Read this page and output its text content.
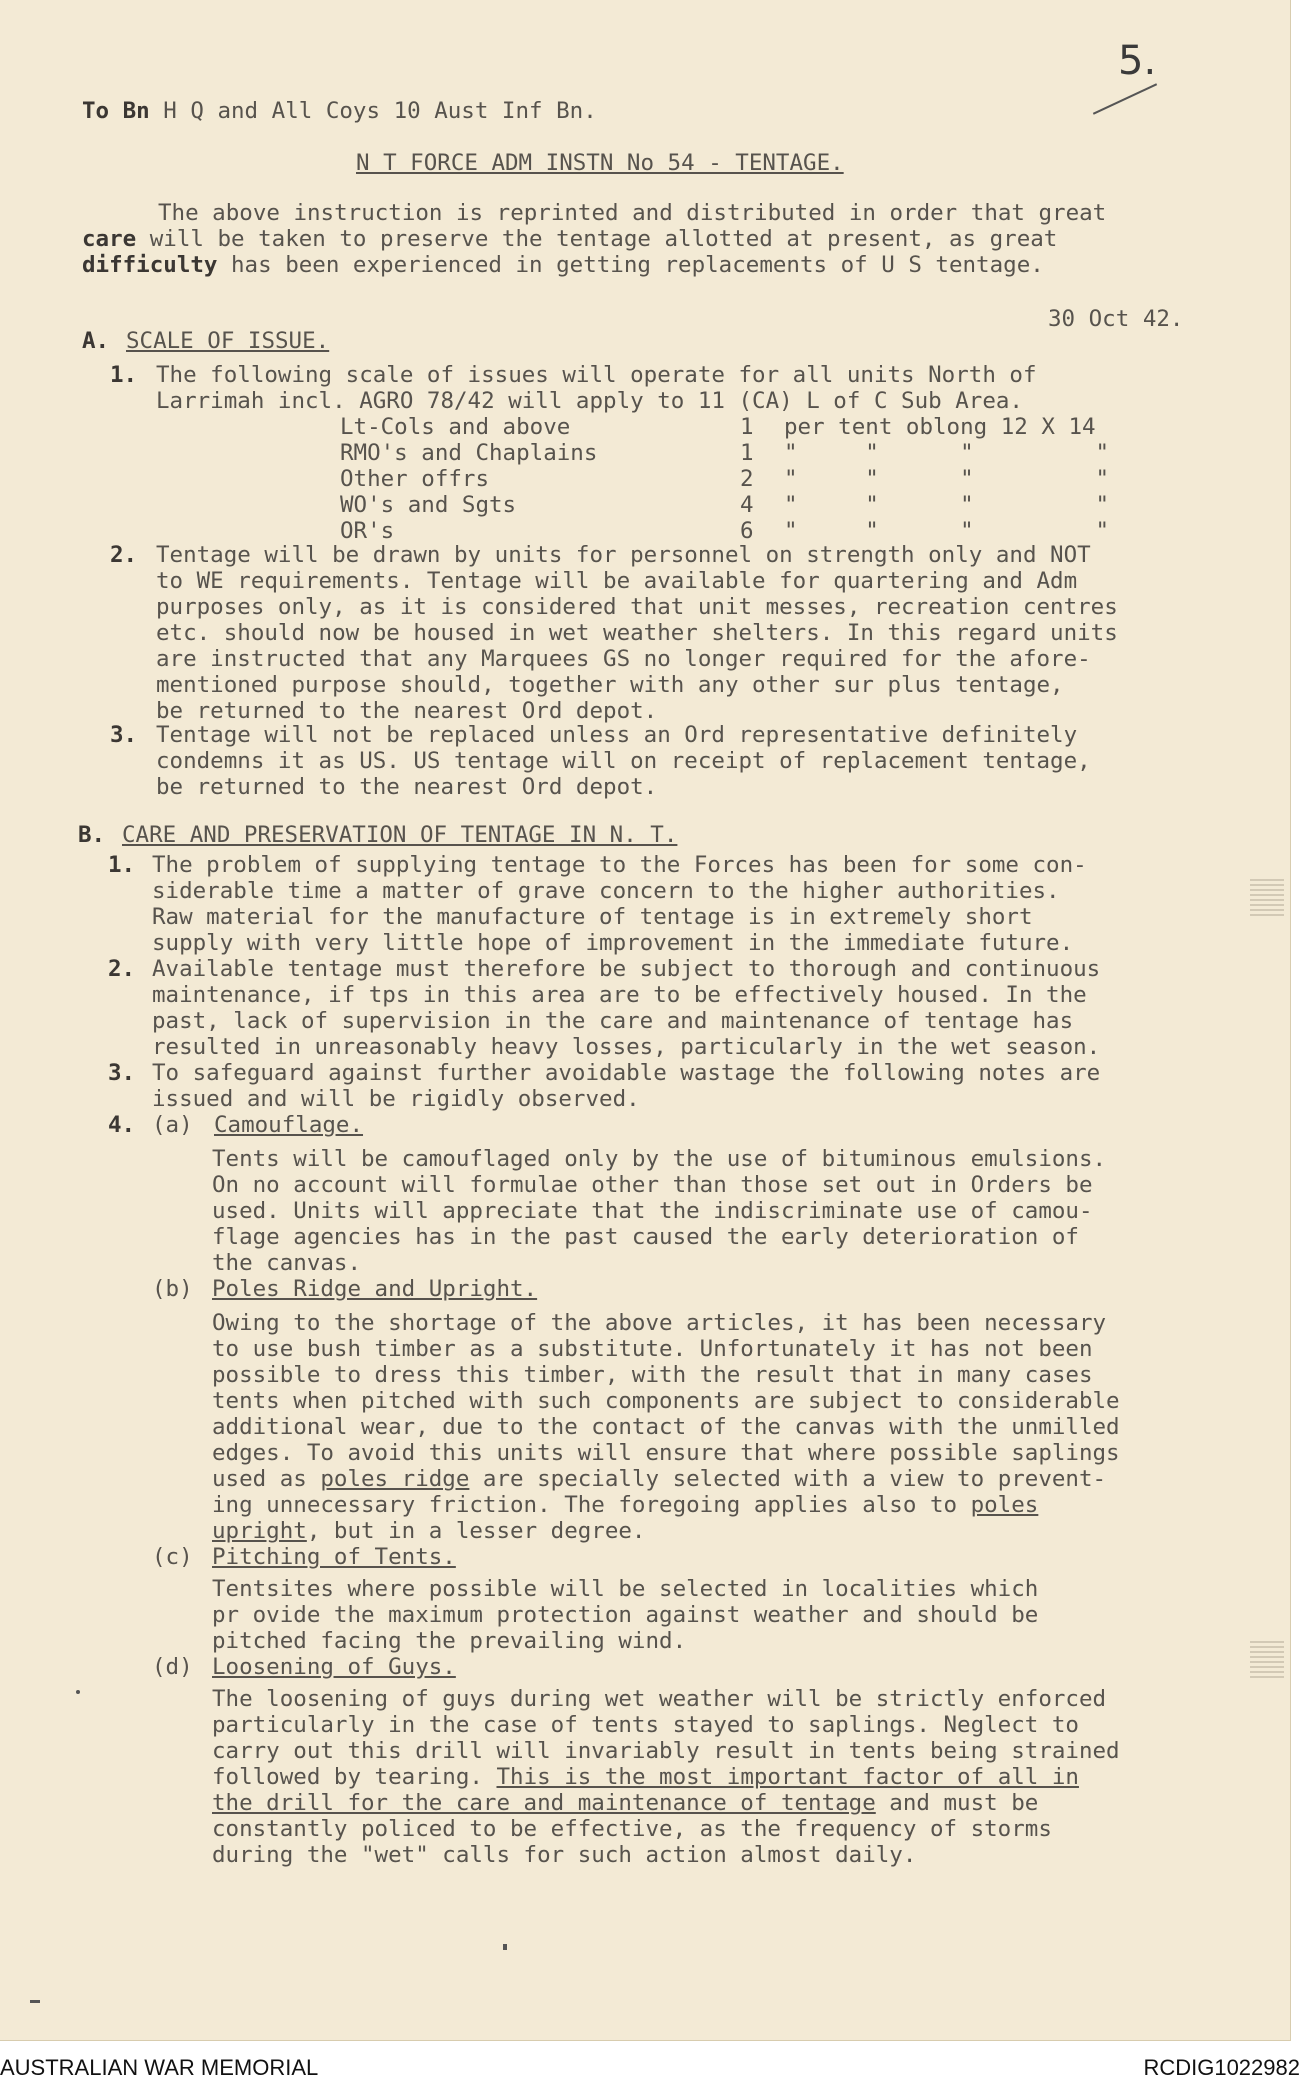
5.
To Bn H Q and All Coys 10 Aust Inf Bn.
N T FORCE ADM INSTN No 54 - TENTAGE.
The above instruction is reprinted and distributed in order that great
care will be taken to preserve the tentage allotted at present, as great
difficulty has been experienced in getting replacements of U S tentage.
30 Oct 42.
A. SCALE OF ISSUE.
1. The following scale of issues will operate for all units North of
Larrimah incl. AGRO 78/42 will apply to 11 (CA) L of C Sub Area.
Lt-Cols and above	1 per tent oblong 12 X 14
RMO's and Chaplains	1 "     "      "         "
Other offrs	2 "     "      "         "
WO's and Sgts	4 "     "      "         "
OR's	6 "     "      "         "
2. Tentage will be drawn by units for personnel on strength only and NOT
to WE requirements. Tentage will be available for quartering and Adm
purposes only, as it is considered that unit messes, recreation centres
etc. should now be housed in wet weather shelters. In this regard units
are instructed that any Marquees GS no longer required for the afore-
mentioned purpose should, together with any other sur plus tentage,
be returned to the nearest Ord depot.
3. Tentage will not be replaced unless an Ord representative definitely
condemns it as US. US tentage will on receipt of replacement tentage,
be returned to the nearest Ord depot.
B. CARE AND PRESERVATION OF TENTAGE IN N. T.
1. The problem of supplying tentage to the Forces has been for some con-
siderable time a matter of grave concern to the higher authorities.
Raw material for the manufacture of tentage is in extremely short
supply with very little hope of improvement in the immediate future.
2. Available tentage must therefore be subject to thorough and continuous
maintenance, if tps in this area are to be effectively housed. In the
past, lack of supervision in the care and maintenance of tentage has
resulted in unreasonably heavy losses, particularly in the wet season.
3. To safeguard against further avoidable wastage the following notes are
issued and will be rigidly observed.
4. (a) Camouflage.
Tents will be camouflaged only by the use of bituminous emulsions.
On no account will formulae other than those set out in Orders be
used. Units will appreciate that the indiscriminate use of camou-
flage agencies has in the past caused the early deterioration of
the canvas.
(b) Poles Ridge and Upright.
Owing to the shortage of the above articles, it has been necessary
to use bush timber as a substitute. Unfortunately it has not been
possible to dress this timber, with the result that in many cases
tents when pitched with such components are subject to considerable
additional wear, due to the contact of the canvas with the unmilled
edges. To avoid this units will ensure that where possible saplings
used as poles ridge are specially selected with a view to prevent-
ing unnecessary friction. The foregoing applies also to poles
upright, but in a lesser degree.
(c) Pitching of Tents.
Tentsites where possible will be selected in localities which
pr ovide the maximum protection against weather and should be
pitched facing the prevailing wind.
(d) Loosening of Guys.
The loosening of guys during wet weather will be strictly enforced
particularly in the case of tents stayed to saplings. Neglect to
carry out this drill will invariably result in tents being strained
followed by tearing. This is the most important factor of all in
the drill for the care and maintenance of tentage and must be
constantly policed to be effective, as the frequency of storms
during the "wet" calls for such action almost daily.
AUSTRALIAN WAR MEMORIAL	RCDIG1022982
